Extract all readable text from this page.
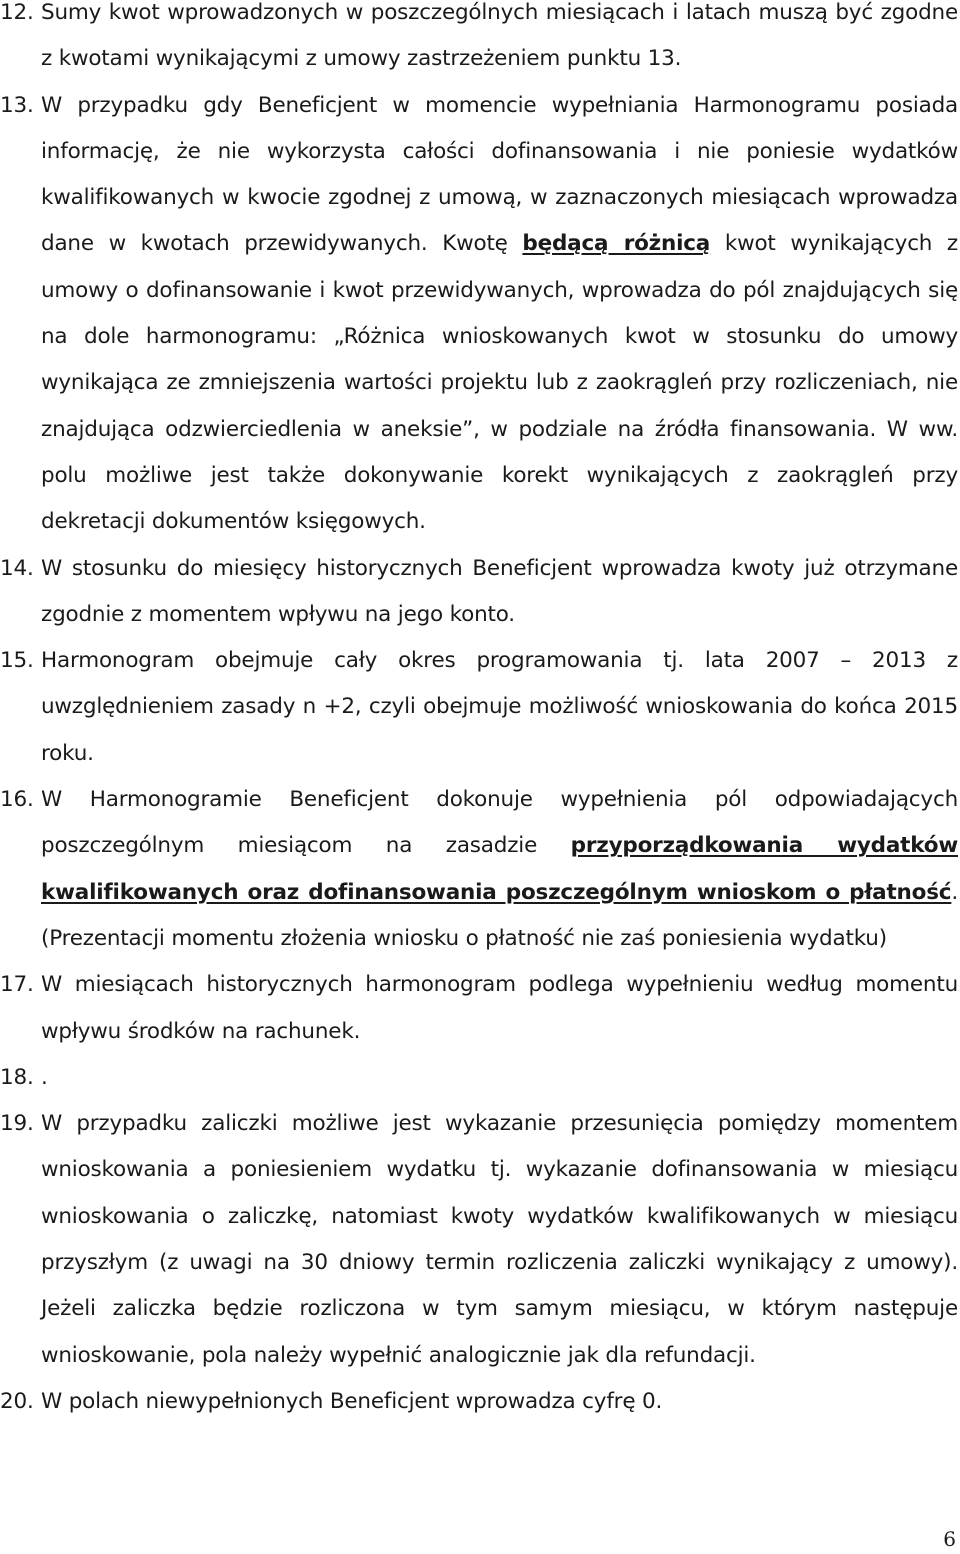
12. Sumy kwot wprowadzonych w poszczególnych miesiącach i latach muszą być zgodne z kwotami wynikającymi z umowy zastrzeżeniem punktu 13.
13. W przypadku gdy Beneficjent w momencie wypełniania Harmonogramu posiada informację, że nie wykorzysta całości dofinansowania i nie poniesie wydatków kwalifikowanych w kwocie zgodnej z umową, w zaznaczonych miesiącach wprowadza dane w kwotach przewidywanych. Kwotę będącą różnicą kwot wynikających z umowy o dofinansowanie i kwot przewidywanych, wprowadza do pól znajdujących się na dole harmonogramu: „Różnica wnioskowanych kwot w stosunku do umowy wynikająca ze zmniejszenia wartości projektu lub z zaokrągleń przy rozliczeniach, nie znajdująca odzwierciedlenia w aneksie”, w podziale na źródła finansowania. W ww. polu możliwe jest także dokonywanie korekt wynikających z zaokrągleń przy dekretacji dokumentów księgowych.
14. W stosunku do miesięcy historycznych Beneficjent wprowadza kwoty już otrzymane zgodnie z momentem wpływu na jego konto.
15. Harmonogram obejmuje cały okres programowania tj. lata 2007 – 2013 z uwzględnieniem zasady n +2, czyli obejmuje możliwość wnioskowania do końca 2015 roku.
16. W Harmonogramie Beneficjent dokonuje wypełnienia pól odpowiadających poszczególnym miesiącom na zasadzie przyporządkowania wydatków kwalifikowanych oraz dofinansowania poszczególnym wnioskom o płatność. (Prezentacji momentu złożenia wniosku o płatność nie zaś poniesienia wydatku)
17. W miesiącach historycznych harmonogram podlega wypełnieniu według momentu wpływu środków na rachunek.
18. .
19. W przypadku zaliczki możliwe jest wykazanie przesunięcia pomiędzy momentem wnioskowania a poniesieniem wydatku tj. wykazanie dofinansowania w miesiącu wnioskowania o zaliczkę, natomiast kwoty wydatków kwalifikowanych w miesiącu przyszłym (z uwagi na 30 dniowy termin rozliczenia zaliczki wynikający z umowy). Jeżeli zaliczka będzie rozliczona w tym samym miesiącu, w którym następuje wnioskowanie, pola należy wypełnić analogicznie jak dla refundacji.
20. W polach niewypełnionych Beneficjent wprowadza cyfrę 0.
6
